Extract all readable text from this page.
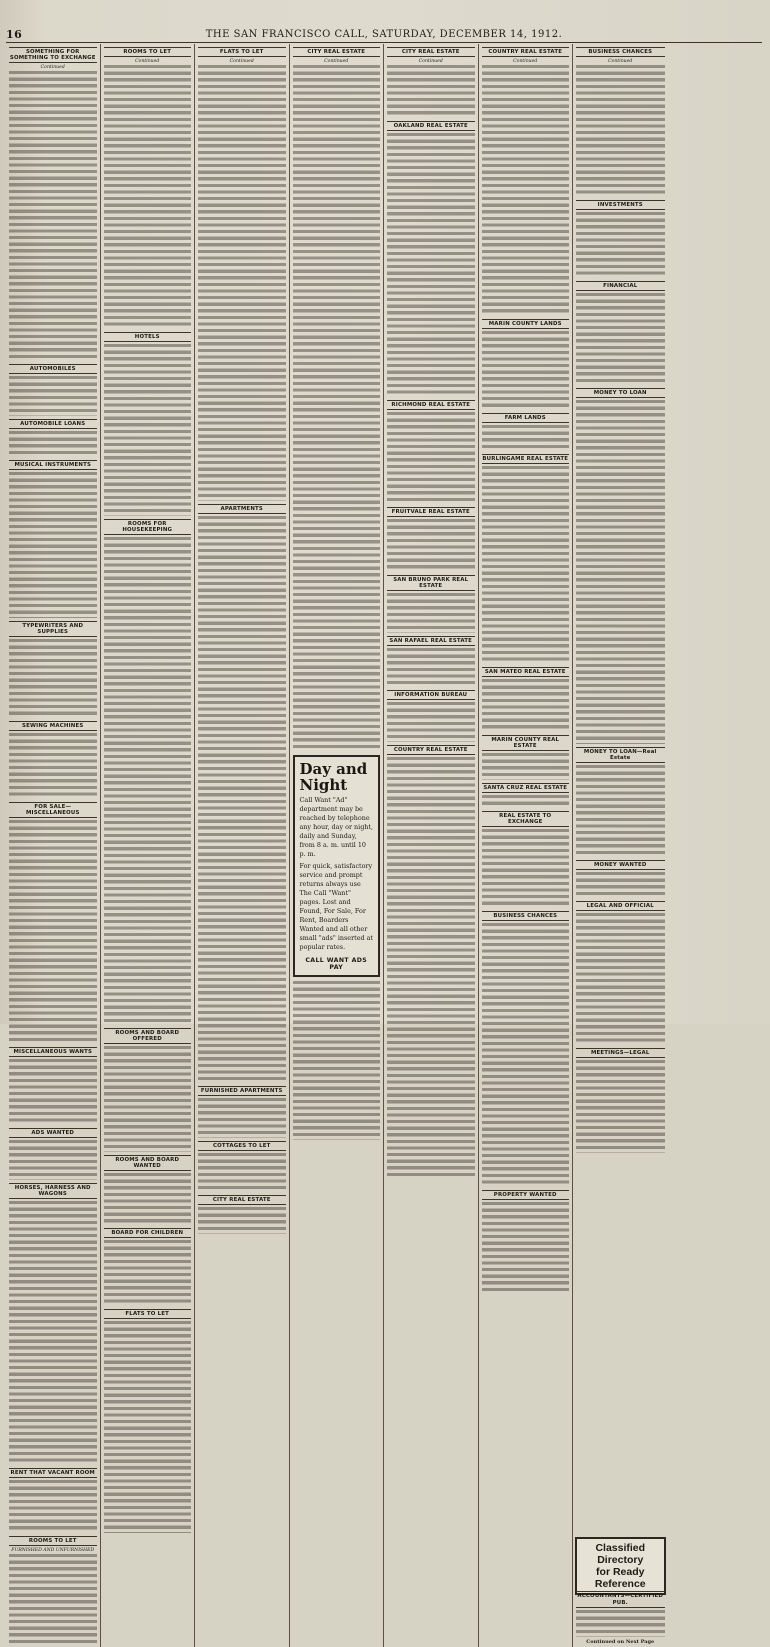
16	THE SAN FRANCISCO CALL, SATURDAY, DECEMBER 14, 1912.
SOMETHING FOR SOMETHING TO EXCHANGE
Continued
AUTOMOBILES
AUTOMOBILE LOANS
MUSICAL INSTRUMENTS
TYPEWRITERS AND SUPPLIES
SEWING MACHINES
FOR SALE—MISCELLANEOUS
MISCELLANEOUS WANTS
ADS WANTED
HORSES, HARNESS AND WAGONS
RENT THAT VACANT ROOM
ROOMS TO LET
FURNISHED AND UNFURNISHED
ROOMS TO LET
Continued
HOTELS
ROOMS FOR HOUSEKEEPING
ROOMS AND BOARD OFFERED
ROOMS AND BOARD WANTED
BOARD FOR CHILDREN
FLATS TO LET
FLATS TO LET
Continued
APARTMENTS
FURNISHED APARTMENTS
COTTAGES TO LET
CITY REAL ESTATE
CITY REAL ESTATE
Continued
Day and Night
Call Want "Ad" department may be reached by telephone any hour, day or night, daily and Sunday, from 8 a. m. until 10 p. m.
For quick, satisfactory service and prompt returns always use The Call "Want" pages. Lost and Found, For Sale, For Rent, Boarders Wanted and all other small "ads" inserted at popular rates.
CALL WANT ADS PAY
CITY REAL ESTATE
Continued
OAKLAND REAL ESTATE
RICHMOND REAL ESTATE
FRUITVALE REAL ESTATE
SAN BRUNO PARK REAL ESTATE
SAN RAFAEL REAL ESTATE
INFORMATION BUREAU
COUNTRY REAL ESTATE
COUNTRY REAL ESTATE
Continued
MARIN COUNTY LANDS
FARM LANDS
BURLINGAME REAL ESTATE
SAN MATEO REAL ESTATE
MARIN COUNTY REAL ESTATE
SANTA CRUZ REAL ESTATE
REAL ESTATE TO EXCHANGE
BUSINESS CHANCES
PROPERTY WANTED
BUSINESS CHANCES
Continued
INVESTMENTS
FINANCIAL
MONEY TO LOAN
MONEY TO LOAN—Real Estate
MONEY WANTED
LEGAL AND OFFICIAL
MEETINGS—LEGAL
Classified Directory
for Ready Reference
ACCOUNTANTS—CERTIFIED PUB.
Continued on Next Page
